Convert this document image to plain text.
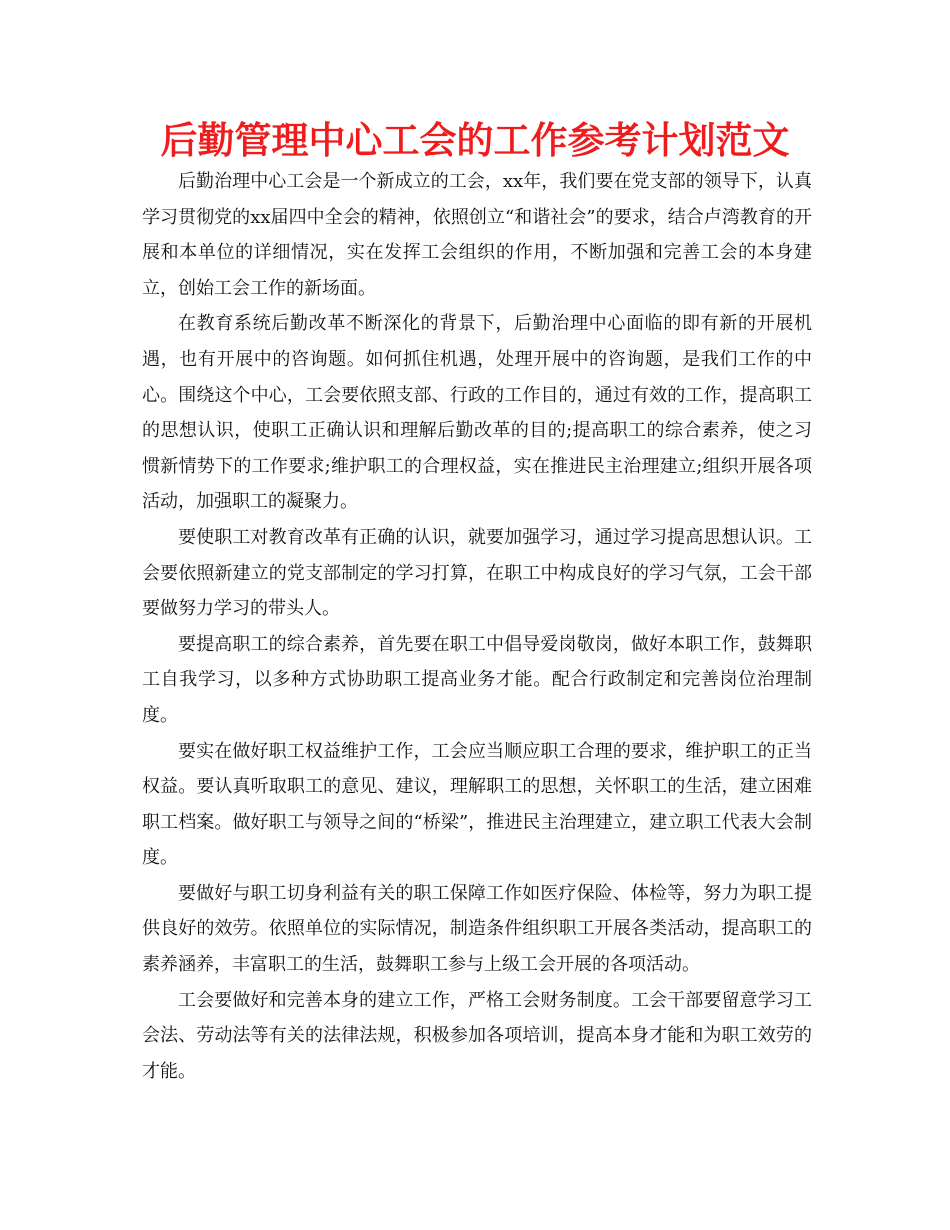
后勤管理中心工会的工作参考计划范文

后勤治理中心工会是一个新成立的工会，xx年，我们要在党支部的领导下，认真学习贯彻党的xx届四中全会的精神，依照创立“和谐社会”的要求，结合卢湾教育的开展和本单位的详细情况，实在发挥工会组织的作用，不断加强和完善工会的本身建立，创始工会工作的新场面。

在教育系统后勤改革不断深化的背景下，后勤治理中心面临的即有新的开展机遇，也有开展中的咨询题。如何抓住机遇，处理开展中的咨询题，是我们工作的中心。围绕这个中心，工会要依照支部、行政的工作目的，通过有效的工作，提高职工的思想认识，使职工正确认识和理解后勤改革的目的;提高职工的综合素养，使之习惯新情势下的工作要求;维护职工的合理权益，实在推进民主治理建立;组织开展各项活动，加强职工的凝聚力。

要使职工对教育改革有正确的认识，就要加强学习，通过学习提高思想认识。工会要依照新建立的党支部制定的学习打算，在职工中构成良好的学习气氛，工会干部要做努力学习的带头人。

要提高职工的综合素养，首先要在职工中倡导爱岗敬岗，做好本职工作，鼓舞职工自我学习，以多种方式协助职工提高业务才能。配合行政制定和完善岗位治理制度。

要实在做好职工权益维护工作，工会应当顺应职工合理的要求，维护职工的正当权益。要认真听取职工的意见、建议，理解职工的思想，关怀职工的生活，建立困难职工档案。做好职工与领导之间的“桥梁”，推进民主治理建立，建立职工代表大会制度。

要做好与职工切身利益有关的职工保障工作如医疗保险、体检等，努力为职工提供良好的效劳。依照单位的实际情况，制造条件组织职工开展各类活动，提高职工的素养涵养，丰富职工的生活，鼓舞职工参与上级工会开展的各项活动。

工会要做好和完善本身的建立工作，严格工会财务制度。工会干部要留意学习工会法、劳动法等有关的法律法规，积极参加各项培训，提高本身才能和为职工效劳的才能。
